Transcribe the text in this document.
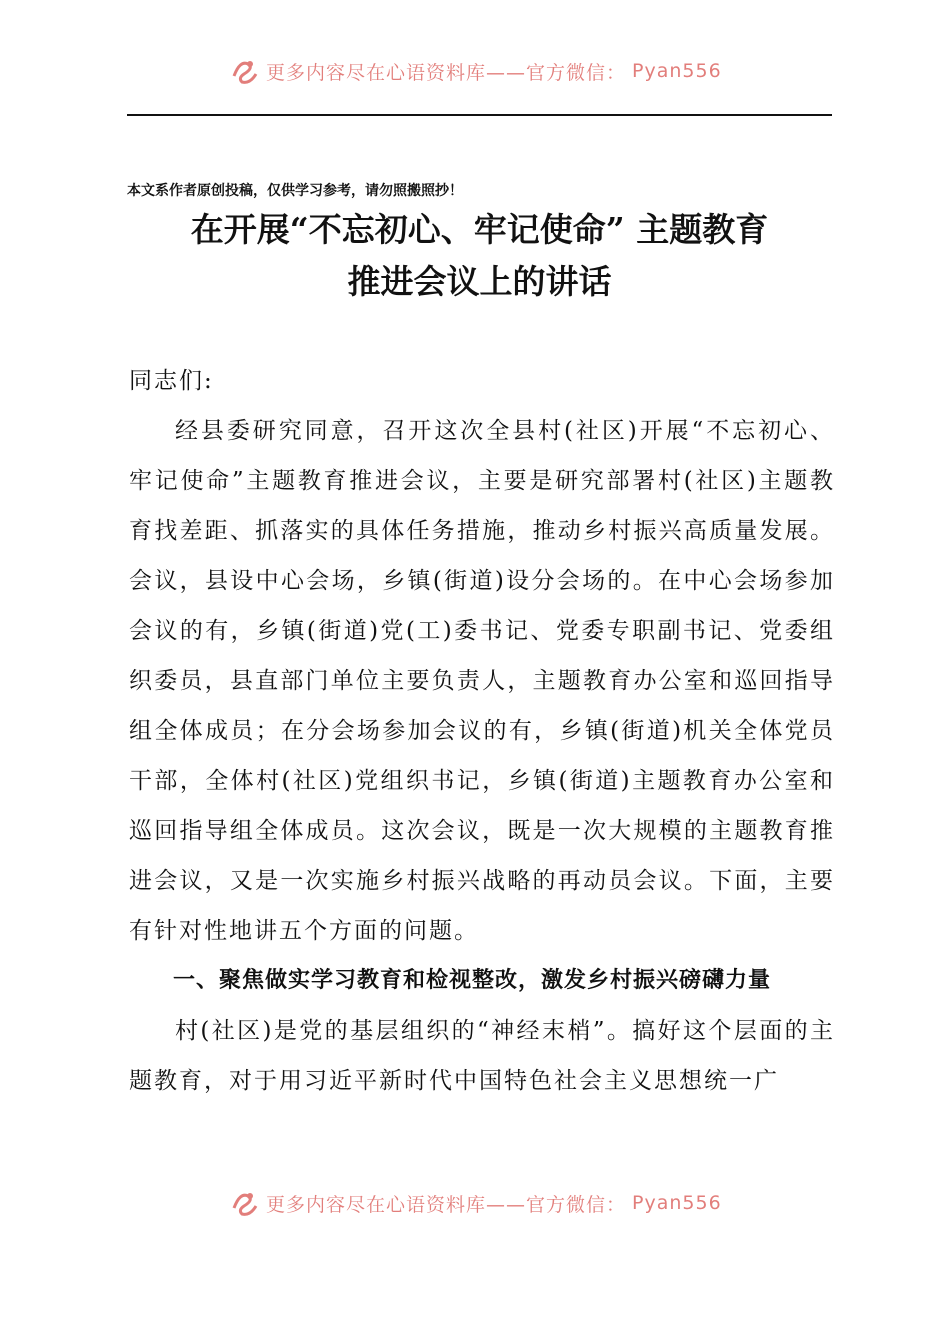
更多内容尽在心语资料库——官方微信： Pyan556
本文系作者原创投稿，仅供学习参考，请勿照搬照抄！
在开展“不忘初心、牢记使命” 主题教育
推进会议上的讲话

同志们:

经县委研究同意，召开这次全县村(社区)开展“不忘初心、牢记使命”主题教育推进会议，主要是研究部署村(社区)主题教育找差距、抓落实的具体任务措施，推动乡村振兴高质量发展。会议，县设中心会场，乡镇(街道)设分会场的。在中心会场参加会议的有，乡镇(街道)党(工)委书记、党委专职副书记、党委组织委员，县直部门单位主要负责人，主题教育办公室和巡回指导组全体成员；在分会场参加会议的有，乡镇(街道)机关全体党员干部，全体村(社区)党组织书记，乡镇(街道)主题教育办公室和巡回指导组全体成员。这次会议，既是一次大规模的主题教育推进会议，又是一次实施乡村振兴战略的再动员会议。下面，主要有针对性地讲五个方面的问题。

一、聚焦做实学习教育和检视整改，激发乡村振兴磅礴力量

村(社区)是党的基层组织的“神经末梢”。搞好这个层面的主题教育，对于用习近平新时代中国特色社会主义思想统一广

更多内容尽在心语资料库——官方微信： Pyan556
